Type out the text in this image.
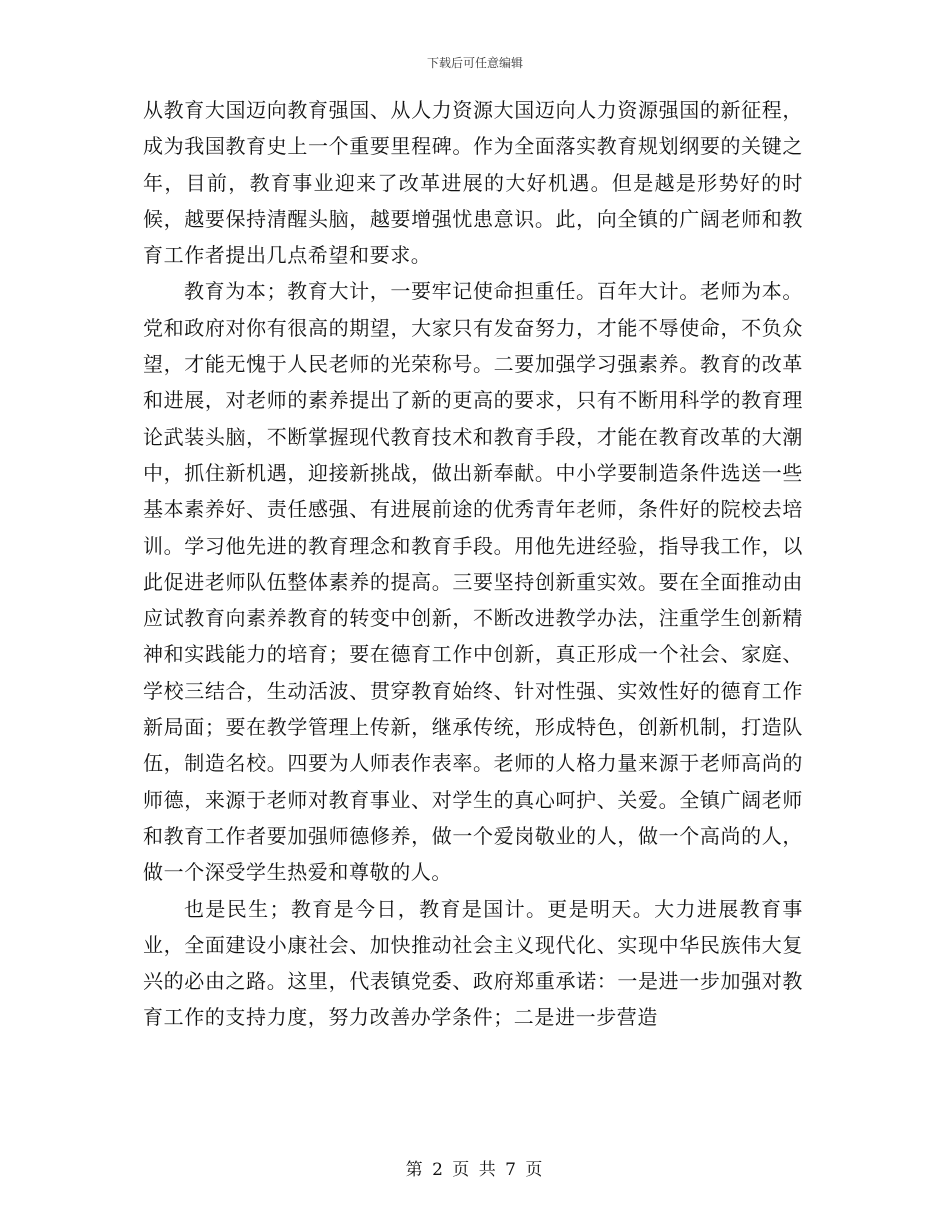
下载后可任意编辑

从教育大国迈向教育强国、从人力资源大国迈向人力资源强国的新征程，成为我国教育史上一个重要里程碑。作为全面落实教育规划纲要的关键之年，目前，教育事业迎来了改革进展的大好机遇。但是越是形势好的时候，越要保持清醒头脑，越要增强忧患意识。此，向全镇的广阔老师和教育工作者提出几点希望和要求。

教育为本；教育大计，一要牢记使命担重任。百年大计。老师为本。党和政府对你有很高的期望，大家只有发奋努力，才能不辱使命，不负众望，才能无愧于人民老师的光荣称号。二要加强学习强素养。教育的改革和进展，对老师的素养提出了新的更高的要求，只有不断用科学的教育理论武装头脑，不断掌握现代教育技术和教育手段，才能在教育改革的大潮中，抓住新机遇，迎接新挑战，做出新奉献。中小学要制造条件选送一些基本素养好、责任感强、有进展前途的优秀青年老师，条件好的院校去培训。学习他先进的教育理念和教育手段。用他先进经验，指导我工作，以此促进老师队伍整体素养的提高。三要坚持创新重实效。要在全面推动由应试教育向素养教育的转变中创新，不断改进教学办法，注重学生创新精神和实践能力的培育；要在德育工作中创新，真正形成一个社会、家庭、学校三结合，生动活波、贯穿教育始终、针对性强、实效性好的德育工作新局面；要在教学管理上传新，继承传统，形成特色，创新机制，打造队伍，制造名校。四要为人师表作表率。老师的人格力量来源于老师高尚的师德，来源于老师对教育事业、对学生的真心呵护、关爱。全镇广阔老师和教育工作者要加强师德修养，做一个爱岗敬业的人，做一个高尚的人，做一个深受学生热爱和尊敬的人。

也是民生；教育是今日，教育是国计。更是明天。大力进展教育事业，全面建设小康社会、加快推动社会主义现代化、实现中华民族伟大复兴的必由之路。这里，代表镇党委、政府郑重承诺：一是进一步加强对教育工作的支持力度，努力改善办学条件；二是进一步营造

第 2 页 共 7 页
